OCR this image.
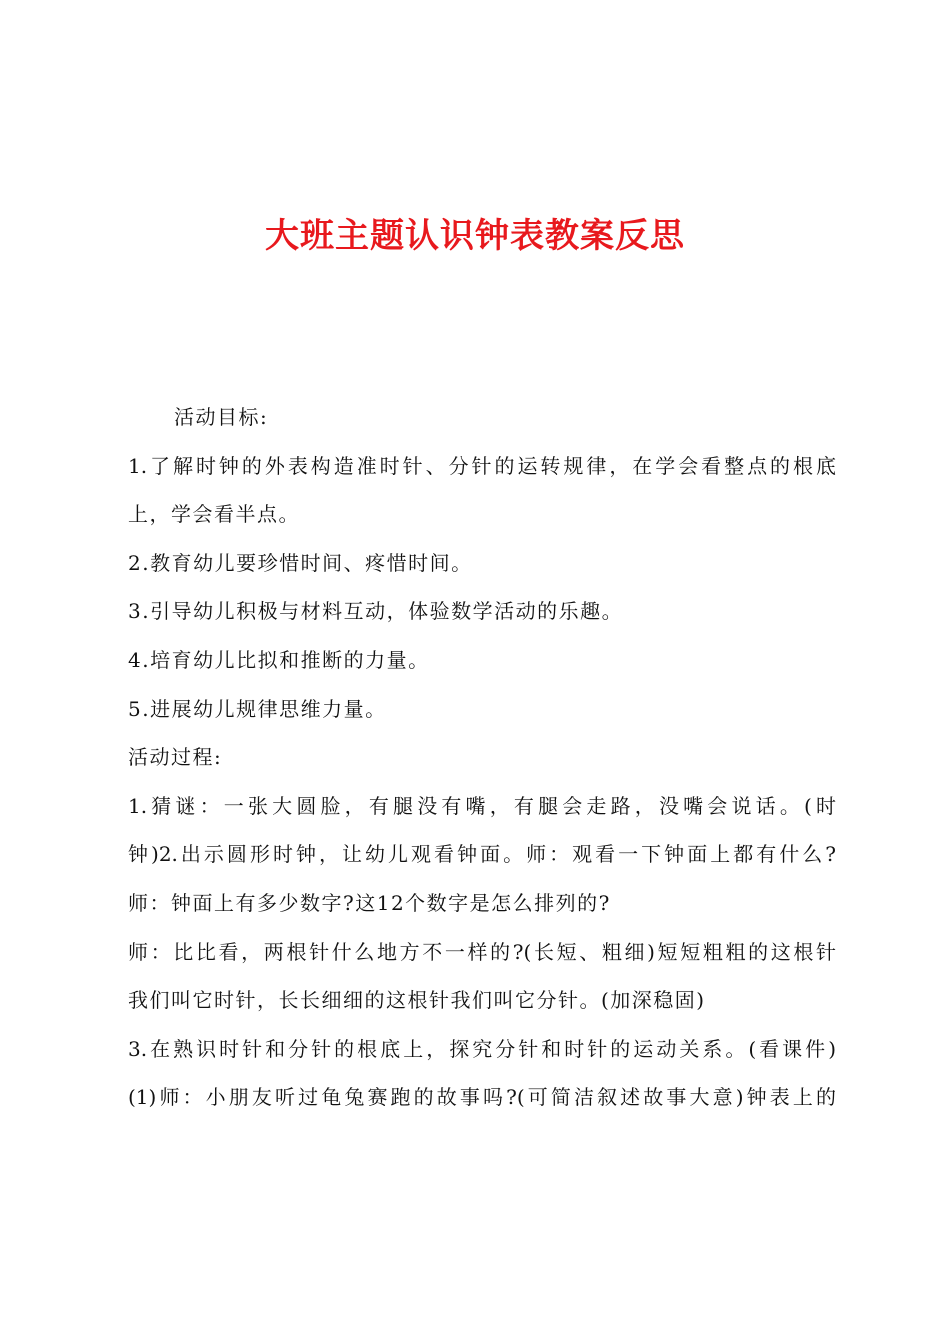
大班主题认识钟表教案反思
活动目标:
1.了解时钟的外表构造准时针、分针的运转规律，在学会看整点的根底
上，学会看半点。
2.教育幼儿要珍惜时间、疼惜时间。
3.引导幼儿积极与材料互动，体验数学活动的乐趣。
4.培育幼儿比拟和推断的力量。
5.进展幼儿规律思维力量。
活动过程:
1.猜谜：一张大圆脸，有腿没有嘴，有腿会走路，没嘴会说话。(时
钟)2.出示圆形时钟，让幼儿观看钟面。师：观看一下钟面上都有什么?
师：钟面上有多少数字?这12个数字是怎么排列的?
师：比比看，两根针什么地方不一样的?(长短、粗细)短短粗粗的这根针
我们叫它时针，长长细细的这根针我们叫它分针。(加深稳固)
3.在熟识时针和分针的根底上，探究分针和时针的运动关系。(看课件)
(1)师：小朋友听过龟兔赛跑的故事吗?(可简洁叙述故事大意)钟表上的
